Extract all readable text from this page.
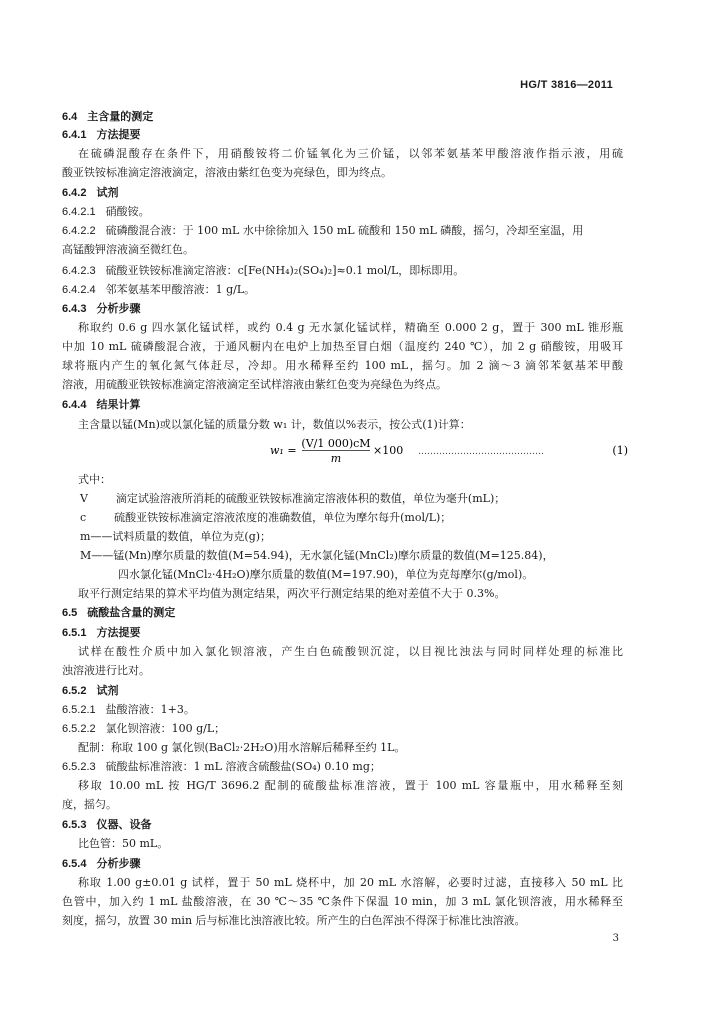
HG/T 3816—2011
6.4 主含量的测定
6.4.1 方法提要
在硫磷混酸存在条件下，用硝酸铵将二价锰氧化为三价锰，以邻苯氨基苯甲酸溶液作指示液，用硫
酸亚铁铵标准滴定溶液滴定，溶液由紫红色变为亮绿色，即为终点。
6.4.2 试剂
6.4.2.1 硝酸铵。
6.4.2.2 硫磷酸混合液：于 100 mL 水中徐徐加入 150 mL 硫酸和 150 mL 磷酸，摇匀，冷却至室温，用
高锰酸钾溶液滴至微红色。
6.4.2.3 硫酸亚铁铵标准滴定溶液：c[Fe(NH₄)₂(SO₄)₂]≈0.1 mol/L，即标即用。
6.4.2.4 邻苯氨基苯甲酸溶液：1 g/L。
6.4.3 分析步骤
称取约 0.6 g 四水氯化锰试样，或约 0.4 g 无水氯化锰试样，精确至 0.000 2 g，置于 300 mL 锥形瓶
中加 10 mL 硫磷酸混合液，于通风橱内在电炉上加热至冒白烟（温度约 240 ℃），加 2 g 硝酸铵，用吸耳
球将瓶内产生的氧化氮气体赶尽，冷却。用水稀释至约 100 mL，摇匀。加 2 滴～3 滴邻苯氨基苯甲酸
溶液，用硫酸亚铁铵标准滴定溶液滴定至试样溶液由紫红色变为亮绿色为终点。
6.4.4 结果计算
主含量以锰(Mn)或以氯化锰的质量分数 w₁ 计，数值以%表示，按公式(1)计算：
w₁ =
(V/1 000)cM
m
×100 ……………………………………	(1)
式中：
V        滴定试验溶液所消耗的硫酸亚铁铵标准滴定溶液体积的数值，单位为毫升(mL)；
c        硫酸亚铁铵标准滴定溶液浓度的准确数值，单位为摩尔每升(mol/L)；
m——试料质量的数值，单位为克(g)；
M——锰(Mn)摩尔质量的数值(M=54.94)，无水氯化锰(MnCl₂)摩尔质量的数值(M=125.84)，
四水氯化锰(MnCl₂·4H₂O)摩尔质量的数值(M=197.90)，单位为克每摩尔(g/mol)。
取平行测定结果的算术平均值为测定结果，两次平行测定结果的绝对差值不大于 0.3%。
6.5 硫酸盐含量的测定
6.5.1 方法提要
试样在酸性介质中加入氯化钡溶液，产生白色硫酸钡沉淀，以目视比浊法与同时同样处理的标准比
浊溶液进行比对。
6.5.2 试剂
6.5.2.1 盐酸溶液：1+3。
6.5.2.2 氯化钡溶液：100 g/L；
配制：称取 100 g 氯化钡(BaCl₂·2H₂O)用水溶解后稀释至约 1L。
6.5.2.3 硫酸盐标准溶液：1 mL 溶液含硫酸盐(SO₄) 0.10 mg；
移取 10.00 mL 按 HG/T 3696.2 配制的硫酸盐标准溶液，置于 100 mL 容量瓶中，用水稀释至刻
度，摇匀。
6.5.3 仪器、设备
比色管：50 mL。
6.5.4 分析步骤
称取 1.00 g±0.01 g 试样，置于 50 mL 烧杯中，加 20 mL 水溶解，必要时过滤，直接移入 50 mL 比
色管中，加入约 1 mL 盐酸溶液，在 30 ℃～35 ℃条件下保温 10 min，加 3 mL 氯化钡溶液，用水稀释至
刻度，摇匀，放置 30 min 后与标准比浊溶液比较。所产生的白色浑浊不得深于标准比浊溶液。
3
